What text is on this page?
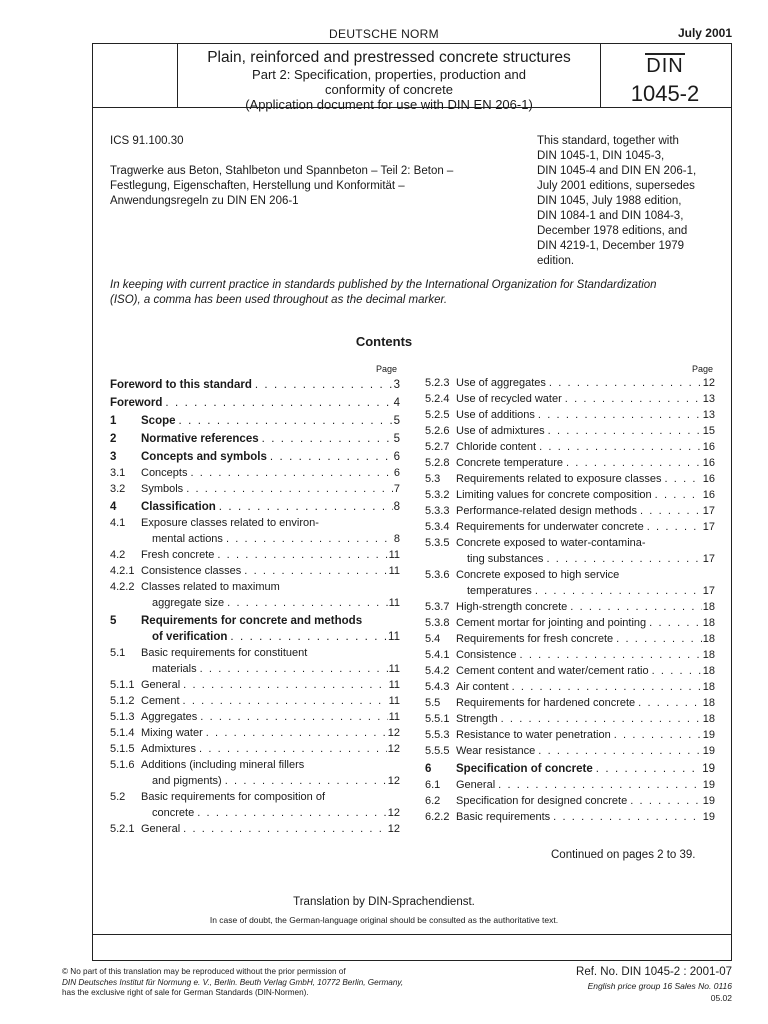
DEUTSCHE NORM	July 2001
Plain, reinforced and prestressed concrete structures
Part 2: Specification, properties, production and
conformity of concrete
(Application document for use with DIN EN 206-1)
DIN
1045-2
ICS 91.100.30
Tragwerke aus Beton, Stahlbeton und Spannbeton – Teil 2: Beton –
Festlegung, Eigenschaften, Herstellung und Konformität –
Anwendungsregeln zu DIN EN 206-1
This standard, together with
DIN 1045-1, DIN 1045-3,
DIN 1045-4 and DIN EN 206-1,
July 2001 editions, supersedes
DIN 1045, July 1988 edition,
DIN 1084-1 and DIN 1084-3,
December 1978 editions, and
DIN 4219-1, December 1979
edition.
In keeping with current practice in standards published by the International Organization for Standardization
(ISO), a comma has been used throughout as the decimal marker.
Contents
Page	Page
Foreword to this standard . . .	3
Foreword . . .	4
1	Scope . . .	5
2	Normative references . . .	5
3	Concepts and symbols . . .	6
3.1	Concepts . . .	6
3.2	Symbols . . .	7
4	Classification . . .	8
4.1	Exposure classes related to environ-
mental actions . . .	8
4.2	Fresh concrete . . .	11
4.2.1 Consistence classes . . .	11
4.2.2 Classes related to maximum
aggregate size . . .	11
5	Requirements for concrete and methods
of verification . . .	11
5.1	Basic requirements for constituent
materials . . .	11
5.1.1 General . . .	11
5.1.2 Cement . . .	11
5.1.3 Aggregates . . .	11
5.1.4 Mixing water . . .	12
5.1.5 Admixtures . . .	12
5.1.6 Additions (including mineral fillers
and pigments) . . .	12
5.2	Basic requirements for composition of
concrete . . .	12
5.2.1 General . . .	12
5.2.3 Use of aggregates . . .	12
5.2.4 Use of recycled water . . .	13
5.2.5 Use of additions . . .	13
5.2.6 Use of admixtures . . .	15
5.2.7 Chloride content . . .	16
5.2.8 Concrete temperature . . .	16
5.3	Requirements related to exposure classes . . .	16
5.3.2 Limiting values for concrete composition . . .	16
5.3.3 Performance-related design methods . . .	17
5.3.4 Requirements for underwater concrete . . .	17
5.3.5 Concrete exposed to water-contamina-
ting substances . . .	17
5.3.6 Concrete exposed to high service
temperatures . . .	17
5.3.7 High-strength concrete . . .	18
5.3.8 Cement mortar for jointing and pointing . . .	18
5.4	Requirements for fresh concrete . . .	18
5.4.1 Consistence . . .	18
5.4.2 Cement content and water/cement ratio . . .	18
5.4.3 Air content . . .	18
5.5	Requirements for hardened concrete . . .	18
5.5.1 Strength . . .	18
5.5.3 Resistance to water penetration . . .	19
5.5.5 Wear resistance . . .	19
6	Specification of concrete . . .	19
6.1	General . . .	19
6.2	Specification for designed concrete . . .	19
6.2.2 Basic requirements . . .	19
Continued on pages 2 to 39.
Translation by DIN-Sprachendienst.
In case of doubt, the German-language original should be consulted as the authoritative text.
© No part of this translation may be reproduced without the prior permission of
DIN Deutsches Institut für Normung e. V., Berlin. Beuth Verlag GmbH, 10772 Berlin, Germany,
has the exclusive right of sale for German Standards (DIN-Normen).
Ref. No. DIN 1045-2 : 2001-07
English price group 16 Sales No. 0116
05.02
